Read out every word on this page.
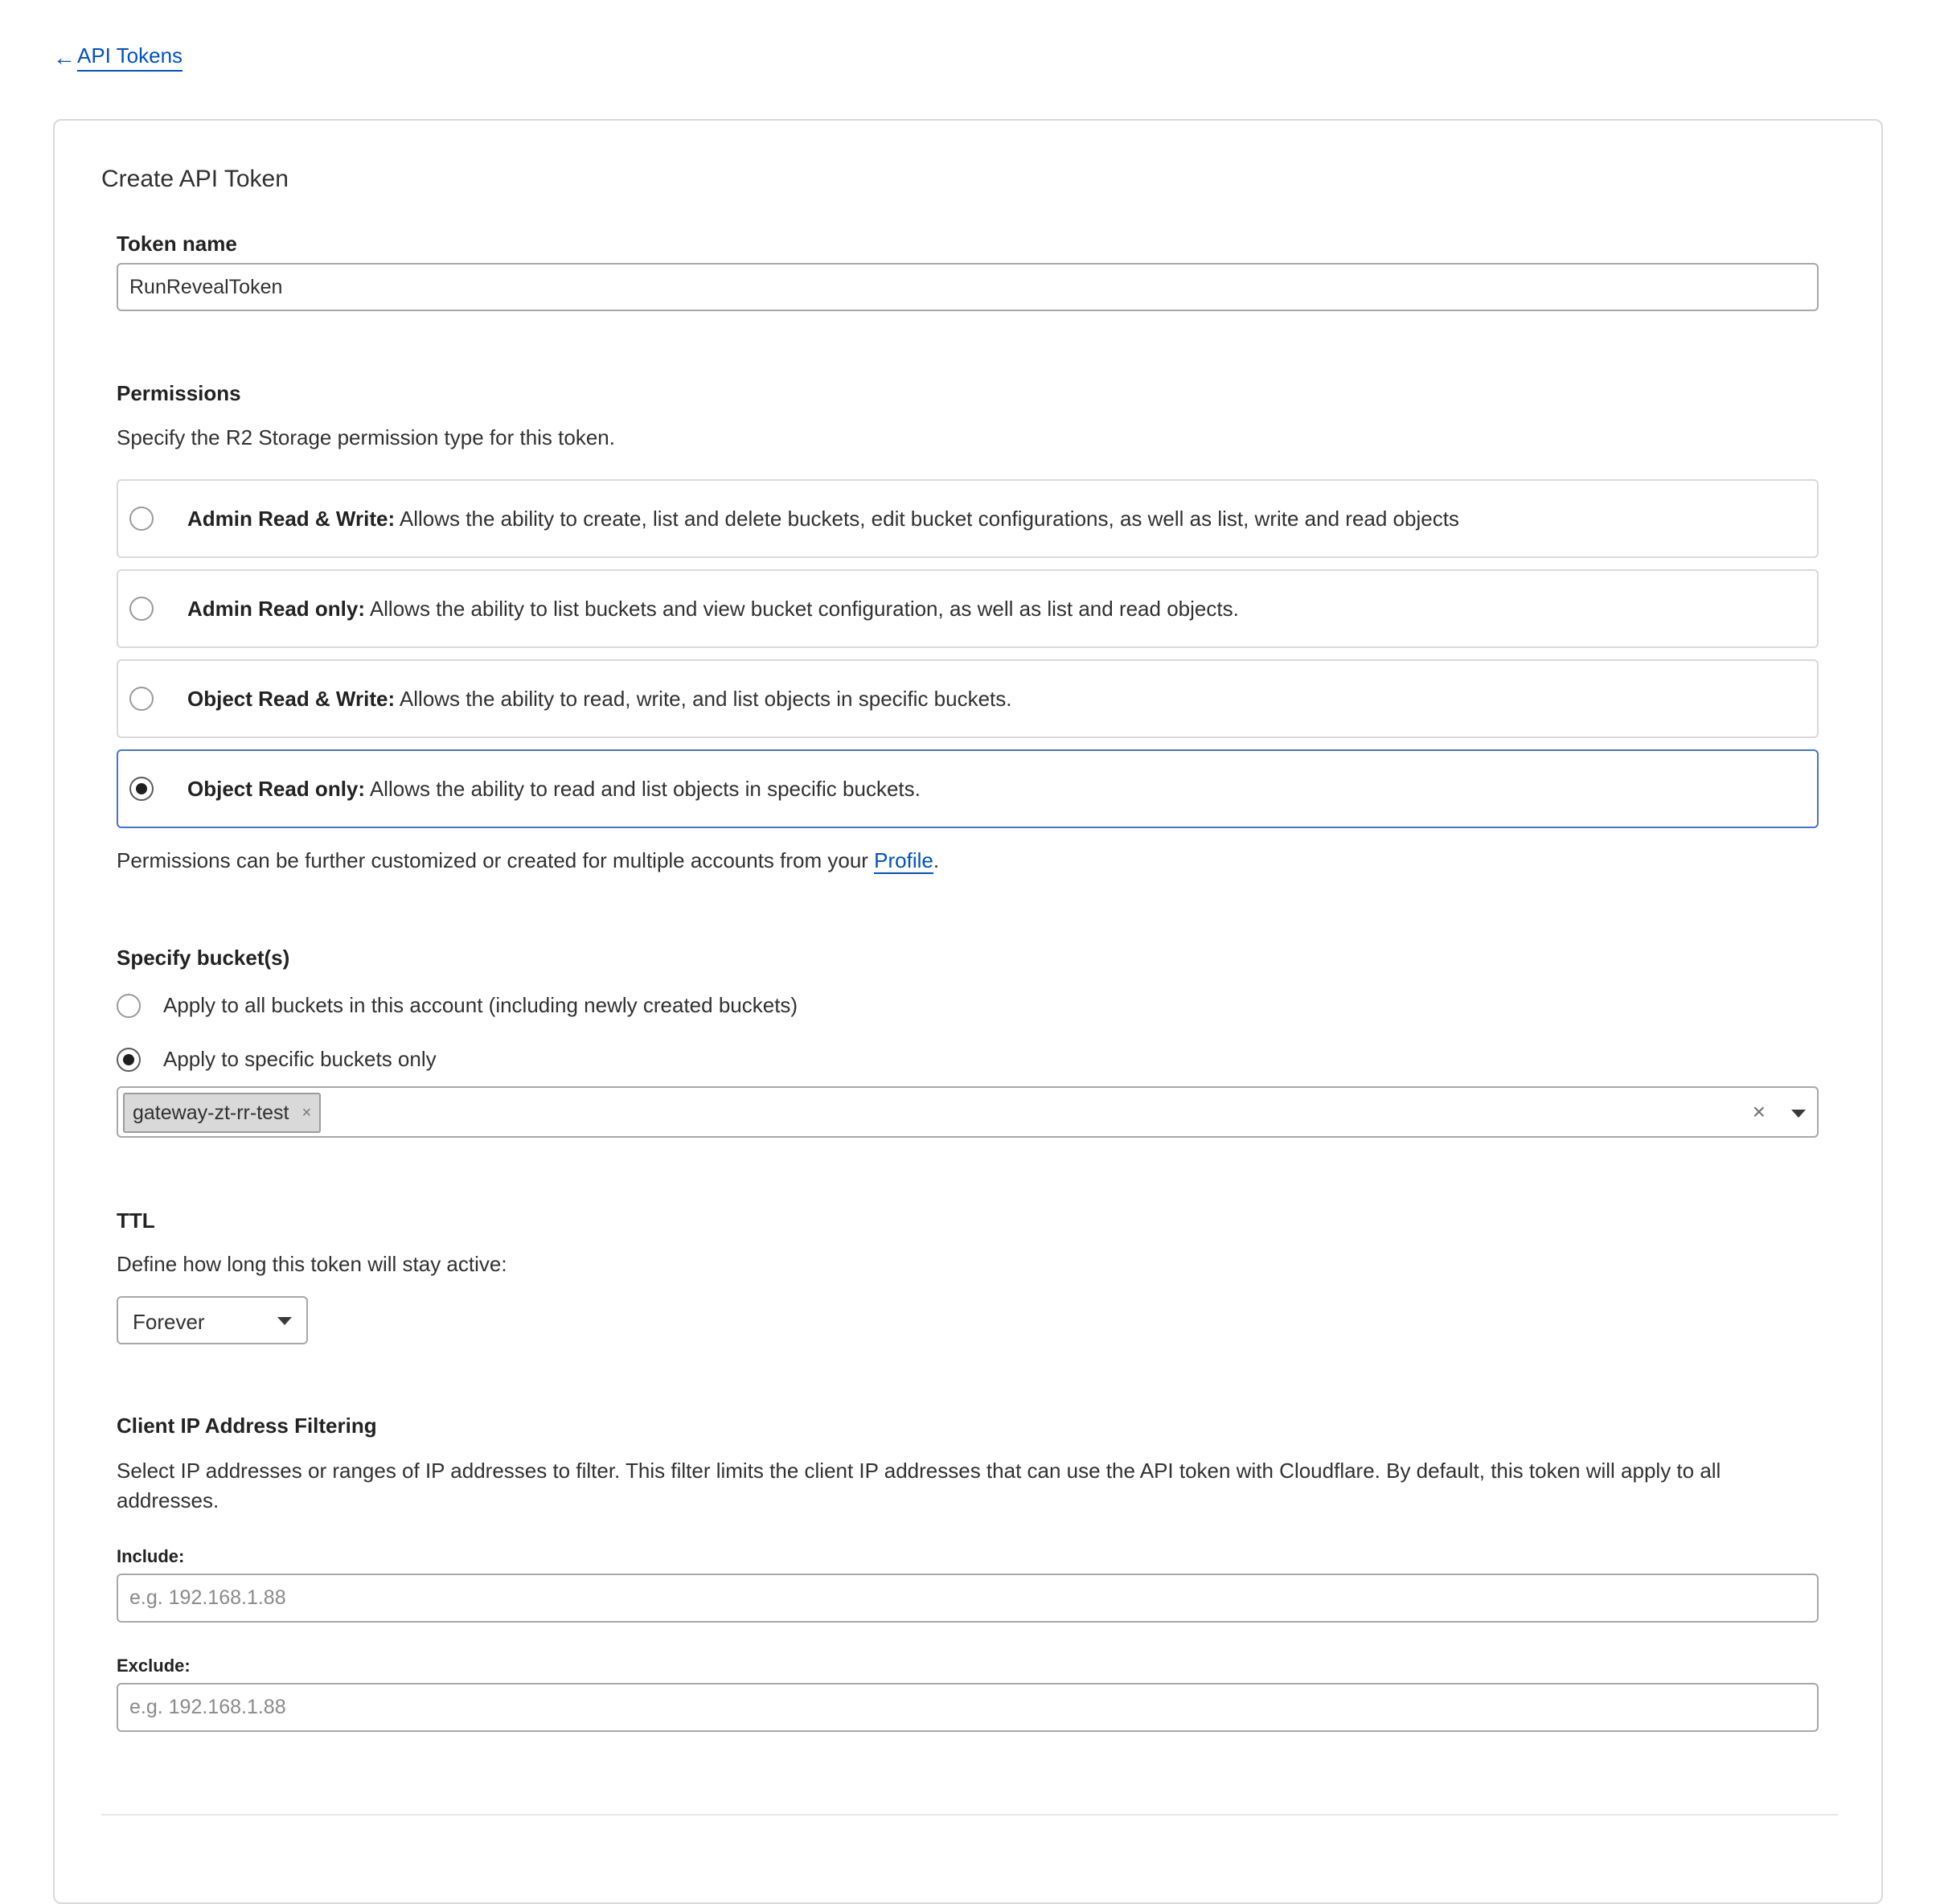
← API Tokens
Create API Token
Token name
RunRevealToken
Permissions
Specify the R2 Storage permission type for this token.
Admin Read & Write: Allows the ability to create, list and delete buckets, edit bucket configurations, as well as list, write and read objects
Admin Read only: Allows the ability to list buckets and view bucket configuration, as well as list and read objects.
Object Read & Write: Allows the ability to read, write, and list objects in specific buckets.
Object Read only: Allows the ability to read and list objects in specific buckets.
Permissions can be further customized or created for multiple accounts from your Profile.
Specify bucket(s)
Apply to all buckets in this account (including newly created buckets)
Apply to specific buckets only
gateway-zt-rr-test ×	×
TTL
Define how long this token will stay active:
Forever
Client IP Address Filtering
Select IP addresses or ranges of IP addresses to filter. This filter limits the client IP addresses that can use the API token with Cloudflare. By default, this token will apply to all addresses.
Include:
e.g. 192.168.1.88
Exclude:
e.g. 192.168.1.88
